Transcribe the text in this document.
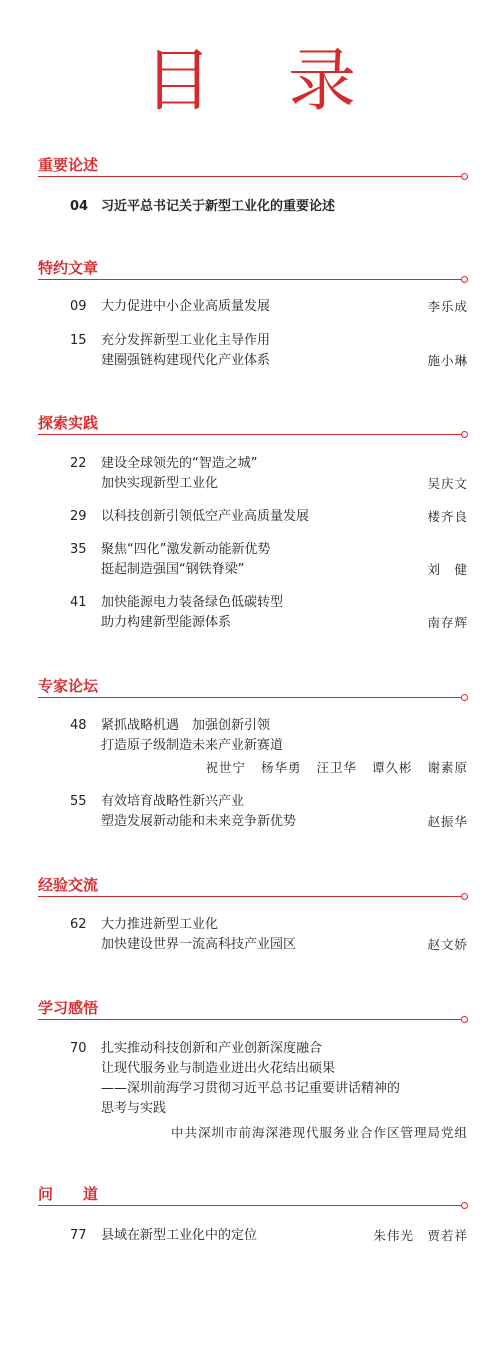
目录
重要论述
04 习近平总书记关于新型工业化的重要论述
特约文章
09	大力促进中小企业高质量发展	李乐成
15	充分发挥新型工业化主导作用
建圈强链构建现代化产业体系	施小琳
探索实践
22	建设全球领先的“智造之城”
加快实现新型工业化	吴庆文
29	以科技创新引领低空产业高质量发展	楼齐良
35	聚焦“四化”激发新动能新优势
挺起制造强国“钢铁脊梁”	刘　健
41	加快能源电力装备绿色低碳转型
助力构建新型能源体系	南存辉
专家论坛
48	紧抓战略机遇　加强创新引领
打造原子级制造未来产业新赛道
祝世宁 杨华勇 汪卫华 谭久彬 谢素原
55	有效培育战略性新兴产业
塑造发展新动能和未来竞争新优势	赵振华
经验交流
62	大力推进新型工业化
加快建设世界一流高科技产业园区	赵文娇
学习感悟
70	扎实推动科技创新和产业创新深度融合
让现代服务业与制造业迸出火花结出硕果
——深圳前海学习贯彻习近平总书记重要讲话精神的
思考与实践
中共深圳市前海深港现代服务业合作区管理局党组
问　　道
77	县域在新型工业化中的定位	朱伟光　贾若祥
